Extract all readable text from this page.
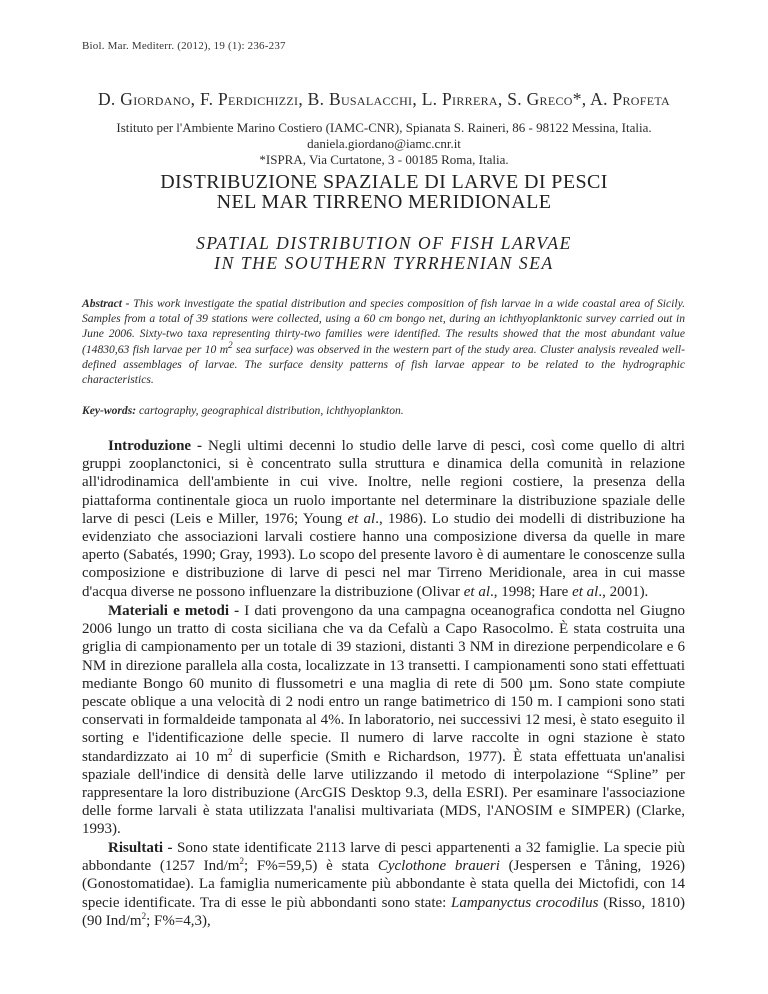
Biol. Mar. Mediterr. (2012), 19 (1): 236-237
D. Giordano, F. Perdichizzi, B. Busalacchi, L. Pirrera, S. Greco*, A. Profeta
Istituto per l'Ambiente Marino Costiero (IAMC-CNR), Spianata S. Raineri, 86 - 98122 Messina, Italia.
daniela.giordano@iamc.cnr.it
*ISPRA, Via Curtatone, 3 - 00185 Roma, Italia.
DISTRIBUZIONE SPAZIALE DI LARVE DI PESCI
NEL MAR TIRRENO MERIDIONALE
SPATIAL DISTRIBUTION OF FISH LARVAE
IN THE SOUTHERN TYRRHENIAN SEA
Abstract - This work investigate the spatial distribution and species composition of fish larvae in a wide coastal area of Sicily. Samples from a total of 39 stations were collected, using a 60 cm bongo net, during an ichthyoplanktonic survey carried out in June 2006. Sixty-two taxa representing thirty-two families were identified. The results showed that the most abundant value (14830,63 fish larvae per 10 $m^2$ sea surface) was observed in the western part of the study area. Cluster analysis revealed well-defined assemblages of larvae. The surface density patterns of fish larvae appear to be related to the hydrographic characteristics.
Key-words: cartography, geographical distribution, ichthyoplankton.

Introduzione - Negli ultimi decenni lo studio delle larve di pesci, così come quello di altri gruppi zooplanctonici, si è concentrato sulla struttura e dinamica della comunità in relazione all'idrodinamica dell'ambiente in cui vive. Inoltre, nelle regioni costiere, la presenza della piattaforma continentale gioca un ruolo importante nel determinare la distribuzione spaziale delle larve di pesci (Leis e Miller, 1976; Young et al., 1986). Lo studio dei modelli di distribuzione ha evidenziato che associazioni larvali costiere hanno una composizione diversa da quelle in mare aperto (Sabatés, 1990; Gray, 1993). Lo scopo del presente lavoro è di aumentare le conoscenze sulla composizione e distribuzione di larve di pesci nel mar Tirreno Meridionale, area in cui masse d'acqua diverse ne possono influenzare la distribuzione (Olivar et al., 1998; Hare et al., 2001).

Materiali e metodi - I dati provengono da una campagna oceanografica condotta nel Giugno 2006 lungo un tratto di costa siciliana che va da Cefalù a Capo Rasocolmo. È stata costruita una griglia di campionamento per un totale di 39 stazioni, distanti 3 NM in direzione perpendicolare e 6 NM in direzione parallela alla costa, localizzate in 13 transetti. I campionamenti sono stati effettuati mediante Bongo 60 munito di flussometri e una maglia di rete di 500 µm. Sono state compiute pescate oblique a una velocità di 2 nodi entro un range batimetrico di 150 m. I campioni sono stati conservati in formaldeide tamponata al 4%. In laboratorio, nei successivi 12 mesi, è stato eseguito il sorting e l'identificazione delle specie. Il numero di larve raccolte in ogni stazione è stato standardizzato ai 10 $m^2$ di superficie (Smith e Richardson, 1977). È stata effettuata un'analisi spaziale dell'indice di densità delle larve utilizzando il metodo di interpolazione “Spline” per rappresentare la loro distribuzione (ArcGIS Desktop 9.3, della ESRI). Per esaminare l'associazione delle forme larvali è stata utilizzata l'analisi multivariata (MDS, l'ANOSIM e SIMPER) (Clarke, 1993).

Risultati - Sono state identificate 2113 larve di pesci appartenenti a 32 famiglie. La specie più abbondante (1257 Ind/$m^2$; F%=59,5) è stata Cyclothone braueri (Jespersen e Tåning, 1926) (Gonostomatidae). La famiglia numericamente più abbondante è stata quella dei Mictofidi, con 14 specie identificate. Tra di esse le più abbondanti sono state: Lampanyctus crocodilus (Risso, 1810) (90 Ind/$m^2$; F%=4,3),
